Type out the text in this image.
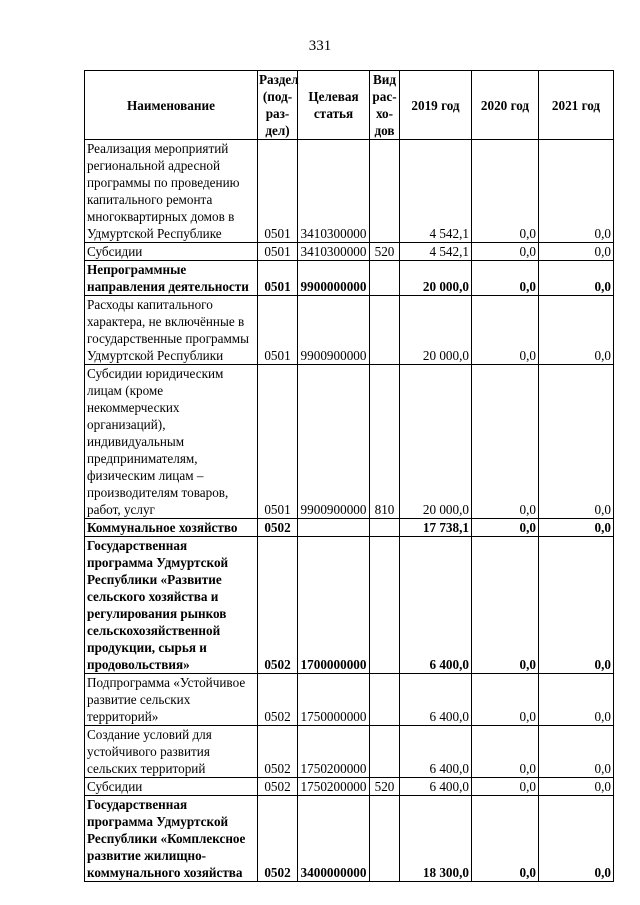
331
Наименование	Раздел (под-раз-дел)	Целевая статья	Вид рас-хо-дов	2019 год	2020 год	2021 год
Реализация мероприятий региональной адресной программы по проведению капитального ремонта многоквартирных домов в Удмуртской Республике	0501	3410300000		4 542,1	0,0	0,0
Субсидии	0501	3410300000	520	4 542,1	0,0	0,0
Непрограммные направления деятельности	0501	9900000000		20 000,0	0,0	0,0
Расходы капитального характера, не включённые в государственные программы Удмуртской Республики	0501	9900900000		20 000,0	0,0	0,0
Субсидии юридическим лицам (кроме некоммерческих организаций), индивидуальным предпринимателям, физическим лицам – производителям товаров, работ, услуг	0501	9900900000	810	20 000,0	0,0	0,0
Коммунальное хозяйство	0502			17 738,1	0,0	0,0
Государственная программа Удмуртской Республики «Развитие сельского хозяйства и регулирования рынков сельскохозяйственной продукции, сырья и продовольствия»	0502	1700000000		6 400,0	0,0	0,0
Подпрограмма «Устойчивое развитие сельских территорий»	0502	1750000000		6 400,0	0,0	0,0
Создание условий для устойчивого развития сельских территорий	0502	1750200000		6 400,0	0,0	0,0
Субсидии	0502	1750200000	520	6 400,0	0,0	0,0
Государственная программа Удмуртской Республики «Комплексное развитие жилищно-коммунального хозяйства	0502	3400000000		18 300,0	0,0	0,0
